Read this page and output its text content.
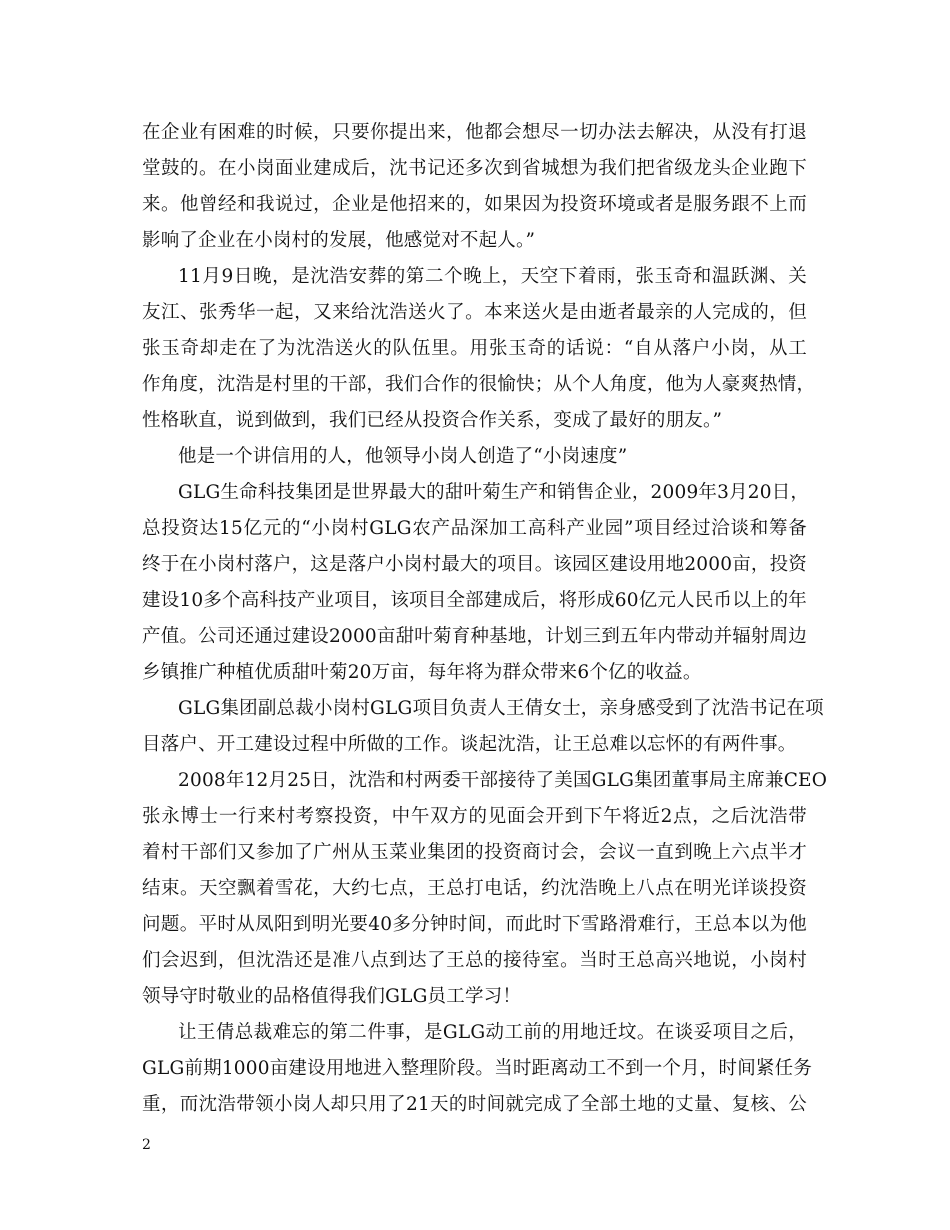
在企业有困难的时候，只要你提出来，他都会想尽一切办法去解决，从没有打退
堂鼓的。在小岗面业建成后，沈书记还多次到省城想为我们把省级龙头企业跑下
来。他曾经和我说过，企业是他招来的，如果因为投资环境或者是服务跟不上而
影响了企业在小岗村的发展，他感觉对不起人。”
11月9日晚，是沈浩安葬的第二个晚上，天空下着雨，张玉奇和温跃渊、关
友江、张秀华一起，又来给沈浩送火了。本来送火是由逝者最亲的人完成的，但
张玉奇却走在了为沈浩送火的队伍里。用张玉奇的话说：“自从落户小岗，从工
作角度，沈浩是村里的干部，我们合作的很愉快；从个人角度，他为人豪爽热情，
性格耿直，说到做到，我们已经从投资合作关系，变成了最好的朋友。”
他是一个讲信用的人，他领导小岗人创造了“小岗速度”
GLG生命科技集团是世界最大的甜叶菊生产和销售企业，2009年3月20日，
总投资达15亿元的“小岗村GLG农产品深加工高科产业园”项目经过洽谈和筹备
终于在小岗村落户，这是落户小岗村最大的项目。该园区建设用地2000亩，投资
建设10多个高科技产业项目，该项目全部建成后，将形成60亿元人民币以上的年
产值。公司还通过建设2000亩甜叶菊育种基地，计划三到五年内带动并辐射周边
乡镇推广种植优质甜叶菊20万亩，每年将为群众带来6个亿的收益。
GLG集团副总裁小岗村GLG项目负责人王倩女士，亲身感受到了沈浩书记在项
目落户、开工建设过程中所做的工作。谈起沈浩，让王总难以忘怀的有两件事。
2008年12月25日，沈浩和村两委干部接待了美国GLG集团董事局主席兼CEO
张永博士一行来村考察投资，中午双方的见面会开到下午将近2点，之后沈浩带
着村干部们又参加了广州从玉菜业集团的投资商讨会，会议一直到晚上六点半才
结束。天空飘着雪花，大约七点，王总打电话，约沈浩晚上八点在明光详谈投资
问题。平时从凤阳到明光要40多分钟时间，而此时下雪路滑难行，王总本以为他
们会迟到，但沈浩还是准八点到达了王总的接待室。当时王总高兴地说，小岗村
领导守时敬业的品格值得我们GLG员工学习！
让王倩总裁难忘的第二件事，是GLG动工前的用地迁坟。在谈妥项目之后，
GLG前期1000亩建设用地进入整理阶段。当时距离动工不到一个月，时间紧任务
重，而沈浩带领小岗人却只用了21天的时间就完成了全部土地的丈量、复核、公
2
